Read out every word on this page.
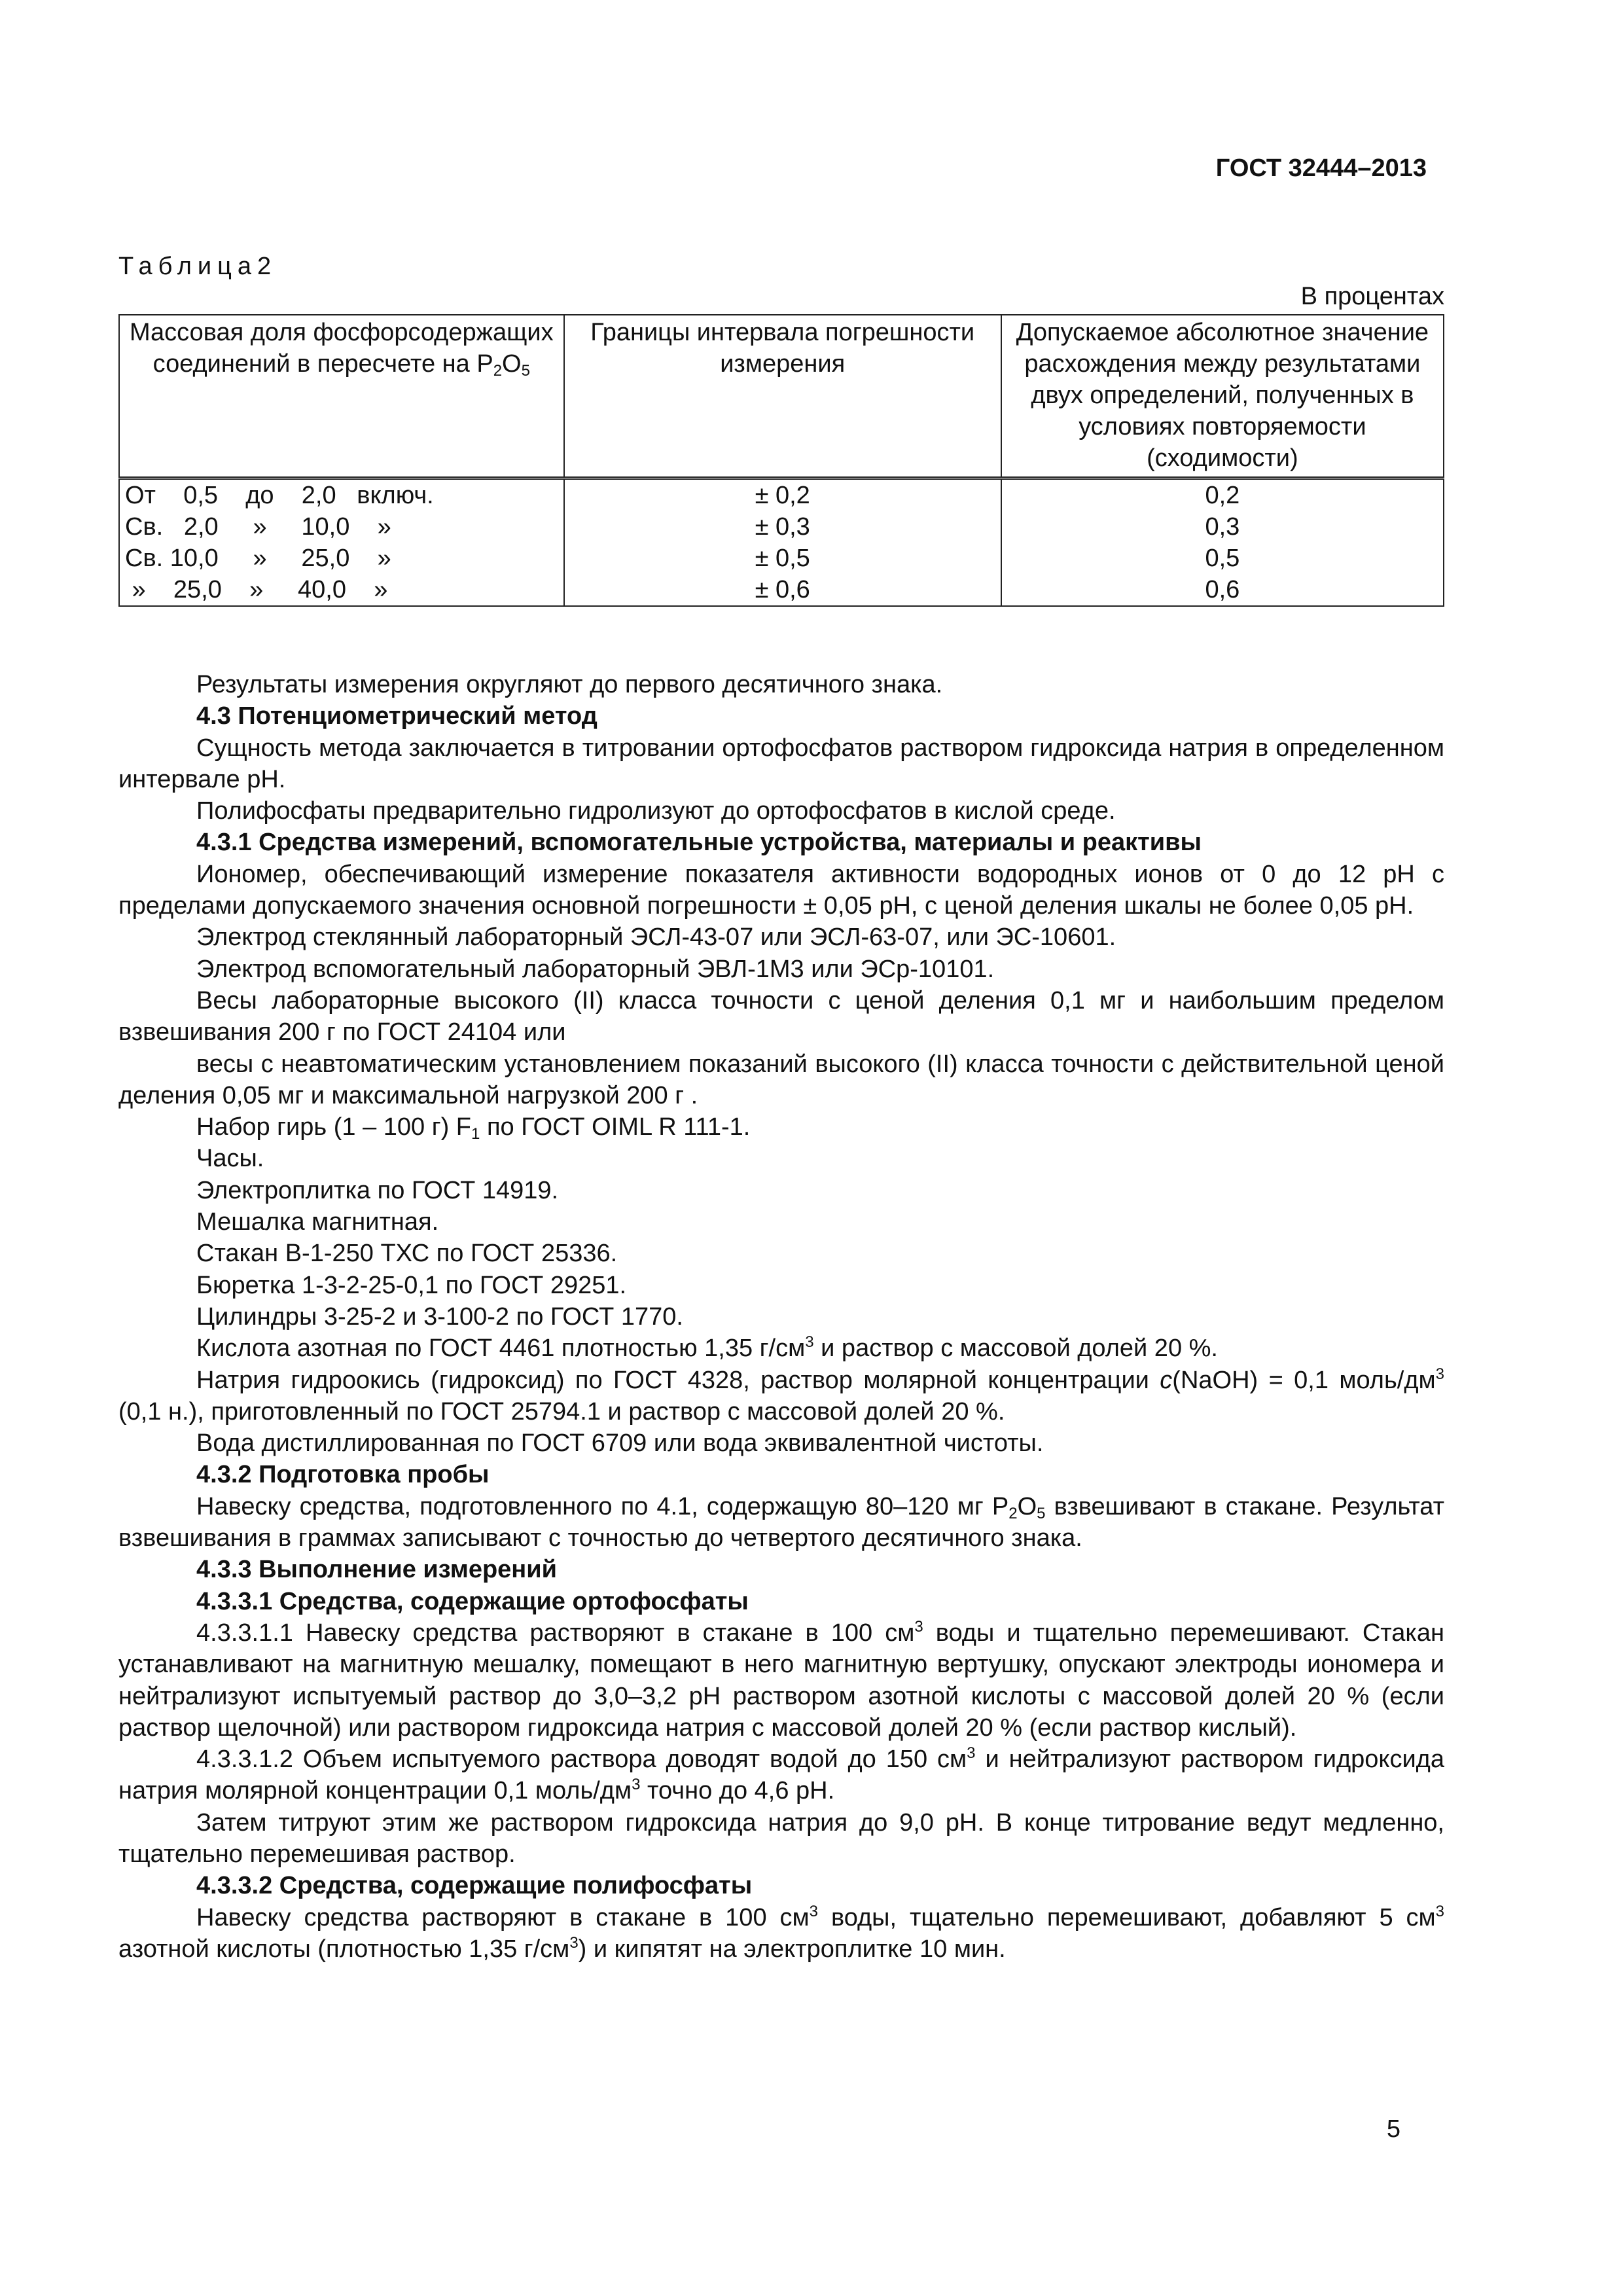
ГОСТ 32444–2013
Таблица2
В процентах
Массовая доля фосфорсодержащих соединений в пересчете на $P_2O_5$	Границы интервала погрешности измерения	Допускаемое абсолютное значение расхождения между результатами двух определений, полученных в условиях повторяемости (сходимости)
От    0,5    до    2,0   включ.	± 0,2	0,2
Св.   2,0     »     10,0    »	± 0,3	0,3
Св. 10,0     »     25,0    »	± 0,5	0,5
»    25,0    »     40,0    »	± 0,6	0,6

Результаты измерения округляют до первого десятичного знака.

4.3 Потенциометрический метод

Сущность метода заключается в титровании ортофосфатов раствором гидроксида натрия в определенном интервале pH.

Полифосфаты предварительно гидролизуют до ортофосфатов в кислой среде.

4.3.1 Средства измерений, вспомогательные устройства, материалы и реактивы

Иономер, обеспечивающий измерение показателя активности водородных ионов от 0 до 12 pH с пределами допускаемого значения основной погрешности ± 0,05 pH, с ценой деления шкалы не более 0,05 pH.

Электрод стеклянный лабораторный ЭСЛ-43-07 или ЭСЛ-63-07, или ЭС-10601.

Электрод вспомогательный лабораторный ЭВЛ-1М3 или ЭСр-10101.

Весы лабораторные высокого (II) класса точности с ценой деления 0,1 мг и наибольшим пределом взвешивания 200 г по ГОСТ 24104 или

весы с неавтоматическим установлением показаний высокого (II) класса точности с действительной ценой деления 0,05 мг и максимальной нагрузкой 200 г .

Набор гирь (1 – 100 г) $F_1$ по ГОСТ OIML R 111-1.

Часы.

Электроплитка по ГОСТ 14919.

Мешалка магнитная.

Стакан В-1-250 ТХС по ГОСТ 25336.

Бюретка 1-3-2-25-0,1 по ГОСТ 29251.

Цилиндры 3-25-2 и 3-100-2 по ГОСТ 1770.

Кислота азотная по ГОСТ 4461 плотностью 1,35 $г/см^3$ и раствор с массовой долей 20 %.

Натрия гидроокись (гидроксид) по ГОСТ 4328, раствор молярной концентрации c(NaOH) = 0,1 моль/$дм^3$ (0,1 н.), приготовленный по ГОСТ 25794.1 и раствор с массовой долей 20 %.

Вода дистиллированная по ГОСТ 6709 или вода эквивалентной чистоты.

4.3.2 Подготовка пробы

Навеску средства, подготовленного по 4.1, содержащую 80–120 мг $P_2O_5$ взвешивают в стакане. Результат взвешивания в граммах записывают с точностью до четвертого десятичного знака.

4.3.3 Выполнение измерений

4.3.3.1 Средства, содержащие ортофосфаты

4.3.3.1.1 Навеску средства растворяют в стакане в 100 $см^3$ воды и тщательно перемешивают. Стакан устанавливают на магнитную мешалку, помещают в него магнитную вертушку, опускают электроды иономера и нейтрализуют испытуемый раствор до 3,0–3,2 pH раствором азотной кислоты с массовой долей 20 % (если раствор щелочной) или раствором гидроксида натрия с массовой долей 20 % (если раствор кислый).

4.3.3.1.2 Объем испытуемого раствора доводят водой до 150 $см^3$ и нейтрализуют раствором гидроксида натрия молярной концентрации 0,1 моль/$дм^3$ точно до 4,6 pH.

Затем титруют этим же раствором гидроксида натрия до 9,0 pH. В конце титрование ведут медленно, тщательно перемешивая раствор.

4.3.3.2 Средства, содержащие полифосфаты

Навеску средства растворяют в стакане в 100 $см^3$ воды, тщательно перемешивают, добавляют 5 $см^3$ азотной кислоты (плотностью 1,35 $г/см^3$) и кипятят на электроплитке 10 мин.

5
